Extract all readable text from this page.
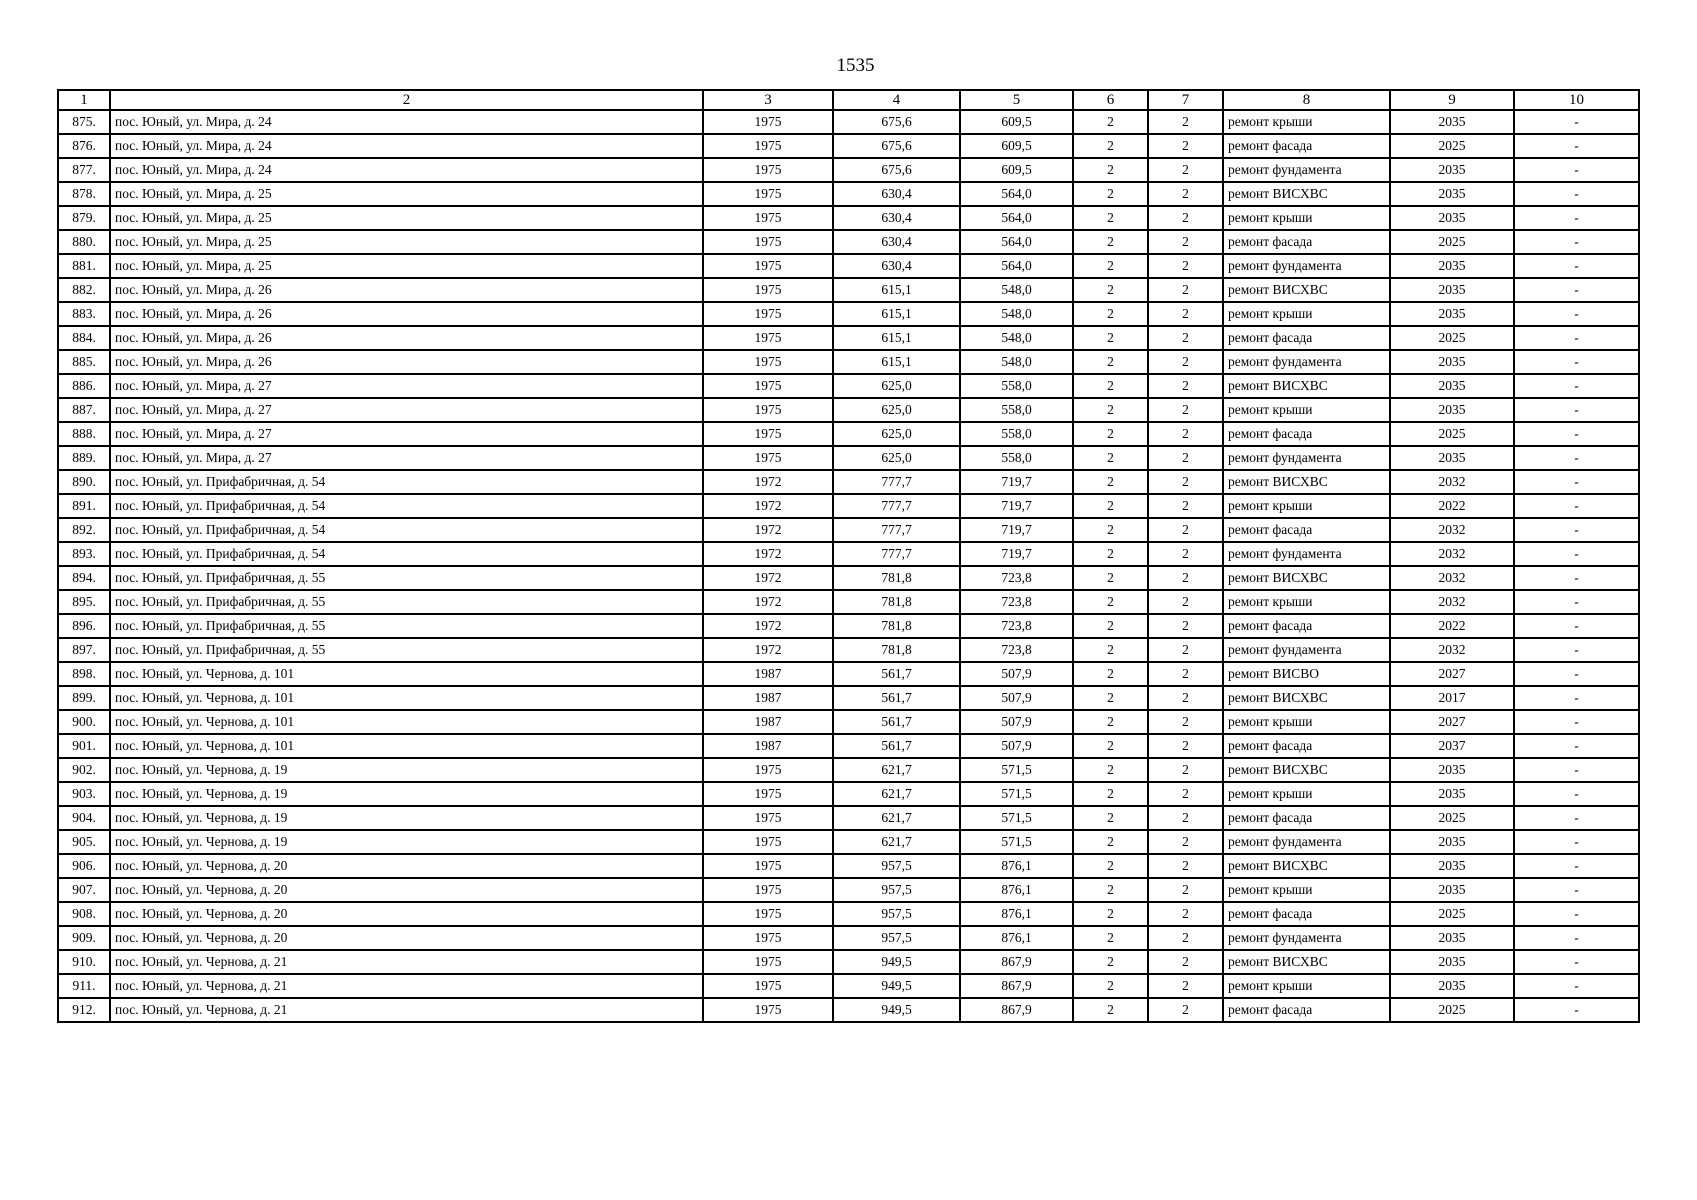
1535
1	2	3	4	5	6	7	8	9	10
875.	пос. Юный, ул. Мира, д. 24	1975	675,6	609,5	2	2	ремонт крыши	2035	-
876.	пос. Юный, ул. Мира, д. 24	1975	675,6	609,5	2	2	ремонт фасада	2025	-
877.	пос. Юный, ул. Мира, д. 24	1975	675,6	609,5	2	2	ремонт фундамента	2035	-
878.	пос. Юный, ул. Мира, д. 25	1975	630,4	564,0	2	2	ремонт ВИСХВС	2035	-
879.	пос. Юный, ул. Мира, д. 25	1975	630,4	564,0	2	2	ремонт крыши	2035	-
880.	пос. Юный, ул. Мира, д. 25	1975	630,4	564,0	2	2	ремонт фасада	2025	-
881.	пос. Юный, ул. Мира, д. 25	1975	630,4	564,0	2	2	ремонт фундамента	2035	-
882.	пос. Юный, ул. Мира, д. 26	1975	615,1	548,0	2	2	ремонт ВИСХВС	2035	-
883.	пос. Юный, ул. Мира, д. 26	1975	615,1	548,0	2	2	ремонт крыши	2035	-
884.	пос. Юный, ул. Мира, д. 26	1975	615,1	548,0	2	2	ремонт фасада	2025	-
885.	пос. Юный, ул. Мира, д. 26	1975	615,1	548,0	2	2	ремонт фундамента	2035	-
886.	пос. Юный, ул. Мира, д. 27	1975	625,0	558,0	2	2	ремонт ВИСХВС	2035	-
887.	пос. Юный, ул. Мира, д. 27	1975	625,0	558,0	2	2	ремонт крыши	2035	-
888.	пос. Юный, ул. Мира, д. 27	1975	625,0	558,0	2	2	ремонт фасада	2025	-
889.	пос. Юный, ул. Мира, д. 27	1975	625,0	558,0	2	2	ремонт фундамента	2035	-
890.	пос. Юный, ул. Прифабричная, д. 54	1972	777,7	719,7	2	2	ремонт ВИСХВС	2032	-
891.	пос. Юный, ул. Прифабричная, д. 54	1972	777,7	719,7	2	2	ремонт крыши	2022	-
892.	пос. Юный, ул. Прифабричная, д. 54	1972	777,7	719,7	2	2	ремонт фасада	2032	-
893.	пос. Юный, ул. Прифабричная, д. 54	1972	777,7	719,7	2	2	ремонт фундамента	2032	-
894.	пос. Юный, ул. Прифабричная, д. 55	1972	781,8	723,8	2	2	ремонт ВИСХВС	2032	-
895.	пос. Юный, ул. Прифабричная, д. 55	1972	781,8	723,8	2	2	ремонт крыши	2032	-
896.	пос. Юный, ул. Прифабричная, д. 55	1972	781,8	723,8	2	2	ремонт фасада	2022	-
897.	пос. Юный, ул. Прифабричная, д. 55	1972	781,8	723,8	2	2	ремонт фундамента	2032	-
898.	пос. Юный, ул. Чернова, д. 101	1987	561,7	507,9	2	2	ремонт ВИСВО	2027	-
899.	пос. Юный, ул. Чернова, д. 101	1987	561,7	507,9	2	2	ремонт ВИСХВС	2017	-
900.	пос. Юный, ул. Чернова, д. 101	1987	561,7	507,9	2	2	ремонт крыши	2027	-
901.	пос. Юный, ул. Чернова, д. 101	1987	561,7	507,9	2	2	ремонт фасада	2037	-
902.	пос. Юный, ул. Чернова, д. 19	1975	621,7	571,5	2	2	ремонт ВИСХВС	2035	-
903.	пос. Юный, ул. Чернова, д. 19	1975	621,7	571,5	2	2	ремонт крыши	2035	-
904.	пос. Юный, ул. Чернова, д. 19	1975	621,7	571,5	2	2	ремонт фасада	2025	-
905.	пос. Юный, ул. Чернова, д. 19	1975	621,7	571,5	2	2	ремонт фундамента	2035	-
906.	пос. Юный, ул. Чернова, д. 20	1975	957,5	876,1	2	2	ремонт ВИСХВС	2035	-
907.	пос. Юный, ул. Чернова, д. 20	1975	957,5	876,1	2	2	ремонт крыши	2035	-
908.	пос. Юный, ул. Чернова, д. 20	1975	957,5	876,1	2	2	ремонт фасада	2025	-
909.	пос. Юный, ул. Чернова, д. 20	1975	957,5	876,1	2	2	ремонт фундамента	2035	-
910.	пос. Юный, ул. Чернова, д. 21	1975	949,5	867,9	2	2	ремонт ВИСХВС	2035	-
911.	пос. Юный, ул. Чернова, д. 21	1975	949,5	867,9	2	2	ремонт крыши	2035	-
912.	пос. Юный, ул. Чернова, д. 21	1975	949,5	867,9	2	2	ремонт фасада	2025	-
